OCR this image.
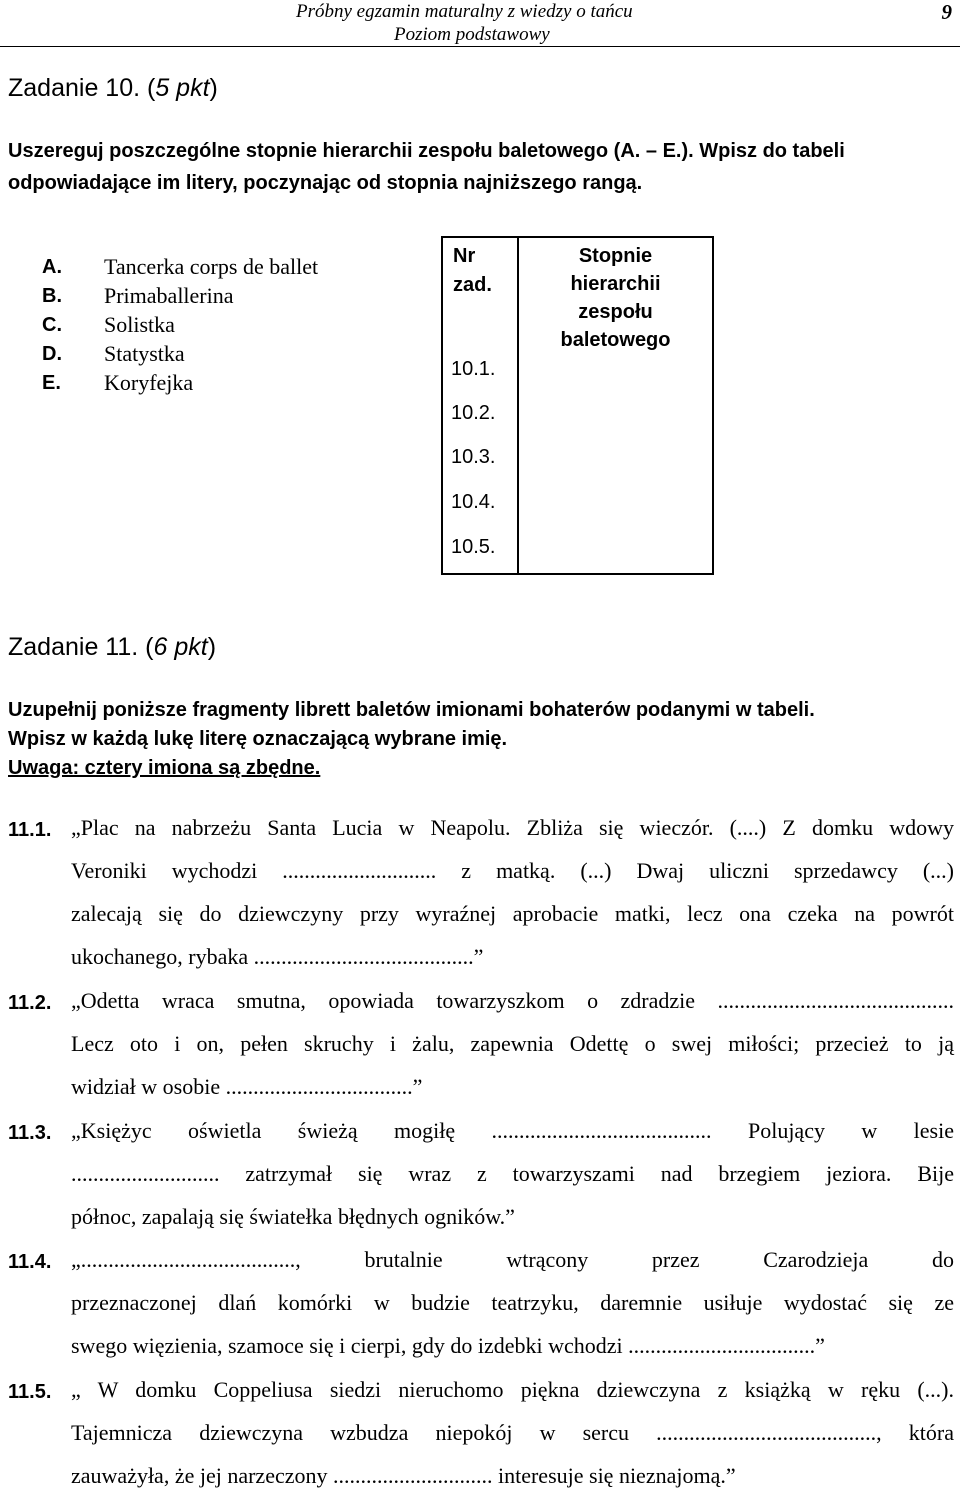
Próbny egzamin maturalny z wiedzy o tańcu
Poziom podstawowy
9
Zadanie 10. (5 pkt)
Uszereguj poszczególne stopnie hierarchii zespołu baletowego (A. – E.). Wpisz do tabeli
odpowiadające im litery, poczynając od stopnia najniższego rangą.
A. Tancerka corps de ballet
B. Primaballerina
C. Solistka
D. Statystka
E. Koryfejka
Nr
zad.
Stopnie
hierarchii
zespołu
baletowego
10.1.
10.2.
10.3.
10.4.
10.5.
Zadanie 11. (6 pkt)
Uzupełnij poniższe fragmenty librett baletów imionami bohaterów podanymi w tabeli.
Wpisz w każdą lukę literę oznaczającą wybrane imię.
Uwaga: cztery imiona są zbędne.
11.1. „Plac na nabrzeżu Santa Lucia w Neapolu. Zbliża się wieczór. (....) Z domku wdowy
Veroniki wychodzi ............................ z matką. (...) Dwaj uliczni sprzedawcy (...)
zalecają się do dziewczyny przy wyraźnej aprobacie matki, lecz ona czeka na powrót
ukochanego, rybaka ........................................”
11.2. „Odetta wraca smutna, opowiada towarzyszkom o zdradzie ...........................................
Lecz oto i on, pełen skruchy i żalu, zapewnia Odettę o swej miłości; przecież to ją
widział w osobie ..................................”
11.3. „Księżyc oświetla świeżą mogiłę ........................................ Polujący w lesie
........................... zatrzymał się wraz z towarzyszami nad brzegiem jeziora. Bije
północ, zapalają się światełka błędnych ogników.”
11.4. „......................................., brutalnie wtrącony przez Czarodzieja do
przeznaczonej dlań komórki w budzie teatrzyku, daremnie usiłuje wydostać się ze
swego więzienia, szamoce się i cierpi, gdy do izdebki wchodzi ..................................”
11.5. „ W domku Coppeliusa siedzi nieruchomo piękna dziewczyna z książką w ręku (...).
Tajemnicza dziewczyna wzbudza niepokój w sercu ........................................, która
zauważyła, że jej narzeczony ............................. interesuje się nieznajomą.”
